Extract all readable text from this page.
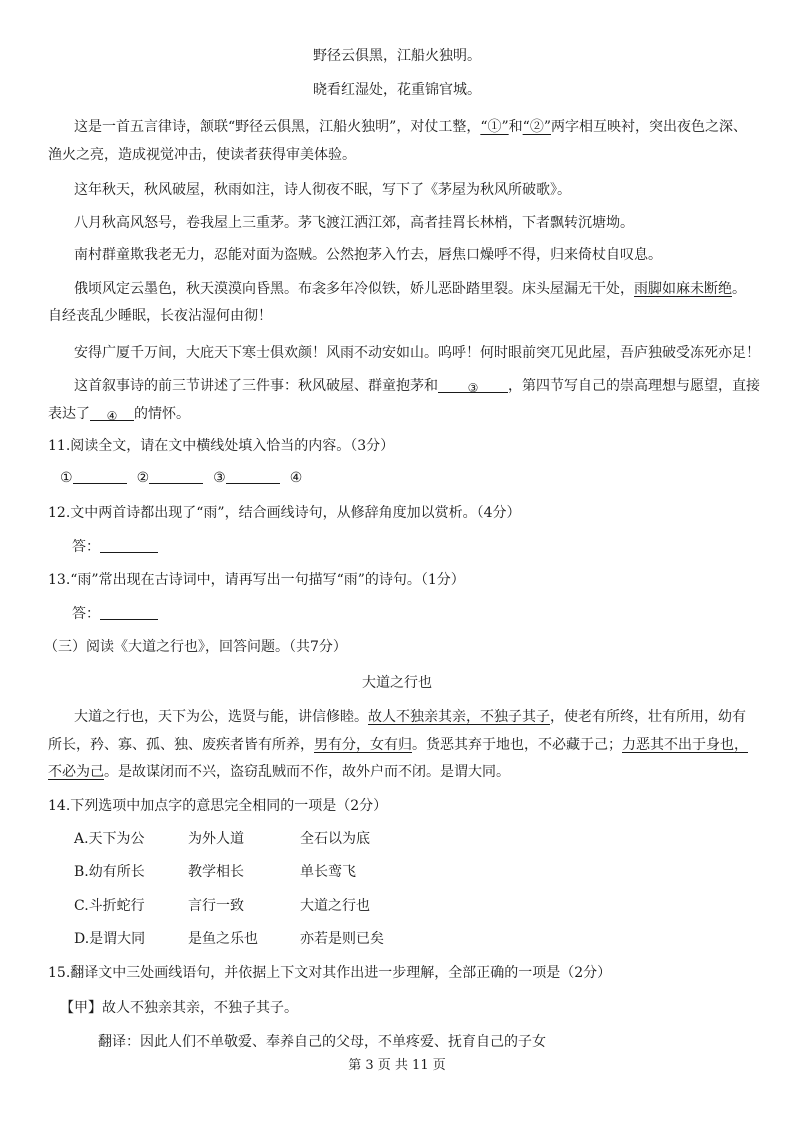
野径云俱黑，江船火独明。
晓看红湿处，花重锦官城。
这是一首五言律诗，颔联“野径云俱黑，江船火独明”，对仗工整，“①”和“②”两字相互映衬，突出夜色之深、
渔火之亮，造成视觉冲击，使读者获得审美体验。
这年秋天，秋风破屋，秋雨如注，诗人彻夜不眠，写下了《茅屋为秋风所破歌》。
八月秋高风怒号，卷我屋上三重茅。茅飞渡江洒江郊，高者挂罥长林梢，下者飘转沉塘坳。
南村群童欺我老无力，忍能对面为盗贼。公然抱茅入竹去，唇焦口燥呼不得，归来倚杖自叹息。
俄顷风定云墨色，秋天漠漠向昏黑。布衾多年冷似铁，娇儿恶卧踏里裂。床头屋漏无干处，雨脚如麻未断绝。
自经丧乱少睡眠，长夜沾湿何由彻！
安得广厦千万间，大庇天下寒士俱欢颜！风雨不动安如山。呜呼！何时眼前突兀见此屋，吾庐独破受冻死亦足！
这首叙事诗的前三节讲述了三件事：秋风破屋、群童抱茅和 ③ ，第四节写自己的崇高理想与愿望，直接
表达了 ④ 的情怀。
11.阅读全文，请在文中横线处填入恰当的内容。（3分）
①	②	③	④
12.文中两首诗都出现了“雨”，结合画线诗句，从修辞角度加以赏析。（4分）
答：
13.“雨”常出现在古诗词中，请再写出一句描写“雨”的诗句。（1分）
答：
（三）阅读《大道之行也》，回答问题。（共7分）
大道之行也
大道之行也，天下为公，选贤与能，讲信修睦。故人不独亲其亲，不独子其子，使老有所终，壮有所用，幼有
所长，矜、寡、孤、独、废疾者皆有所养，男有分，女有归。货恶其弃于地也，不必藏于己；力恶其不出于身也，
不必为己。是故谋闭而不兴，盗窃乱贼而不作，故外户而不闭。是谓大同。
14.下列选项中加点字的意思完全相同的一项是（2分）
A.天下为公	为外人道	全石以为底
B.幼有所长	教学相长	单长鸾飞
C.斗折蛇行	言行一致	大道之行也
D.是谓大同	是鱼之乐也	亦若是则已矣
15.翻译文中三处画线语句，并依据上下文对其作出进一步理解，全部正确的一项是（2分）
【甲】故人不独亲其亲，不独子其子。
翻译：因此人们不单敬爱、奉养自己的父母，不单疼爱、抚育自己的子女
第 3 页 共 11 页
